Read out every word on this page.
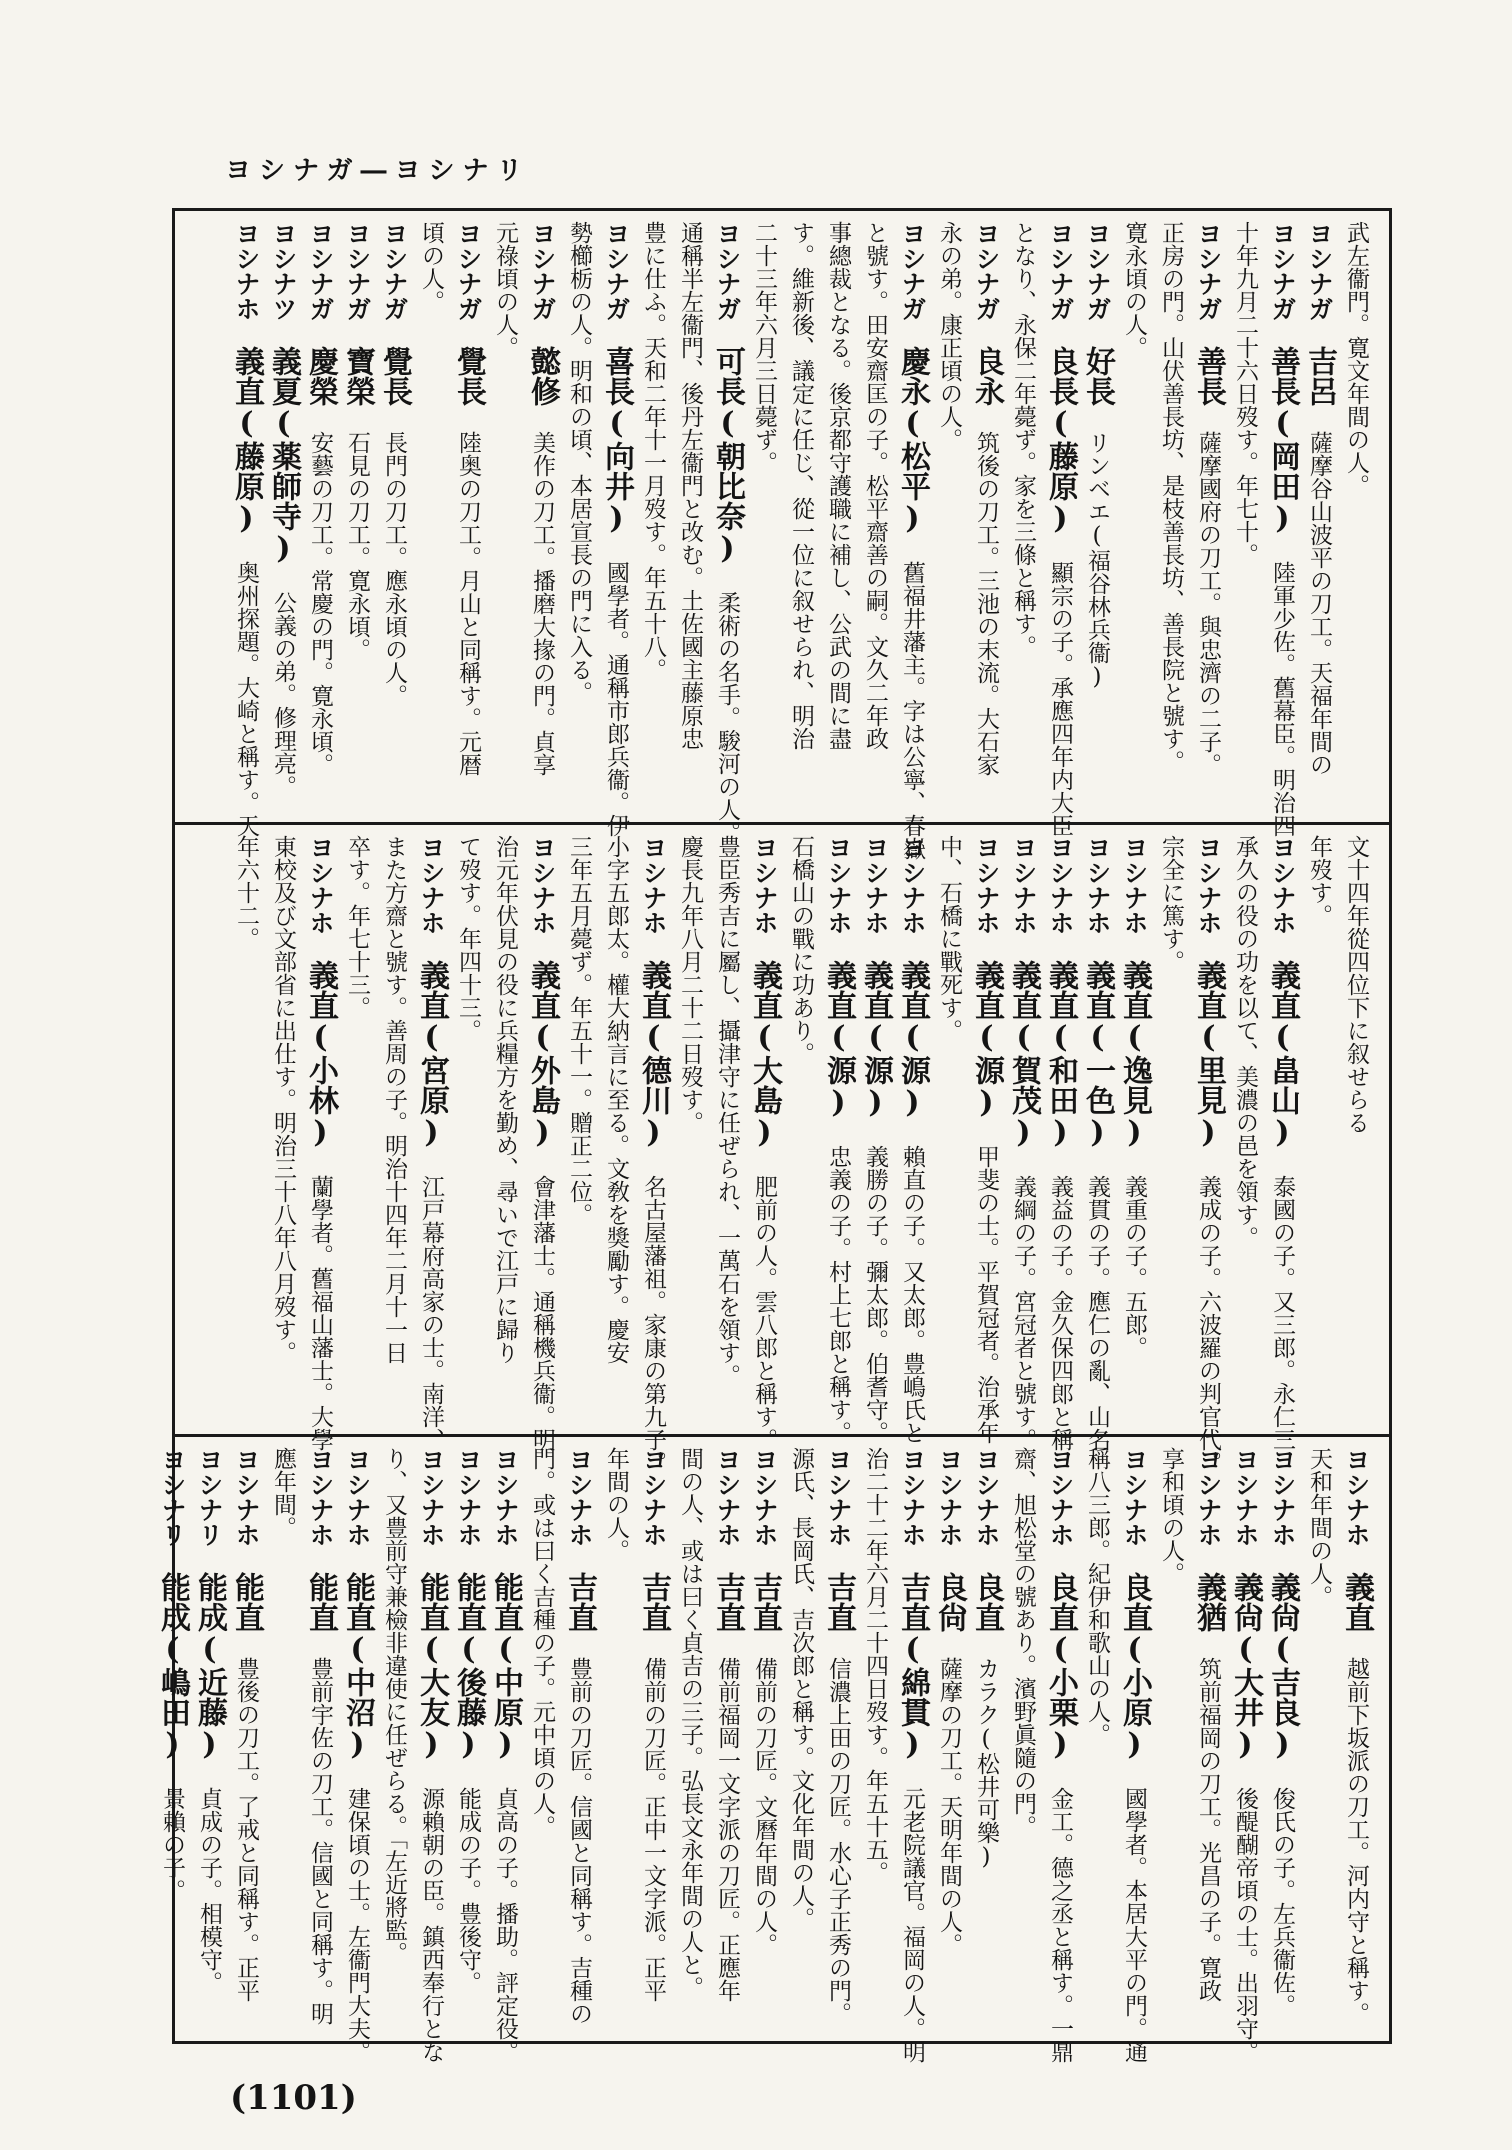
ヨシナガ―ヨシナリ
武左衞門。寛文年間の人。
ヨシナガ　吉呂　薩摩谷山波平の刀工。天福年間の
ヨシナガ　善長(岡田)　陸軍少佐。舊幕臣。明治四
十年九月二十六日歿す。年七十。
ヨシナガ　善長　薩摩國府の刀工。與忠濟の二子。
正房の門。山伏善長坊、是枝善長坊、善長院と號す。
寛永頃の人。
ヨシナガ　好長　リンベエ(福谷林兵衞)
ヨシナガ　良長(藤原)　顯宗の子。承應四年内大臣
となり、永保二年薨ず。家を三條と稱す。
ヨシナガ　良永　筑後の刀工。三池の末流。大石家
永の弟。康正頃の人。
ヨシナガ　慶永(松平)　舊福井藩主。字は公寧、春嶽
と號す。田安齋匡の子。松平齋善の嗣。文久二年政
事總裁となる。後京都守護職に補し、公武の間に盡
す。維新後、議定に任じ、從一位に叙せられ、明治
二十三年六月三日薨ず。
ヨシナガ　可長(朝比奈)　柔術の名手。駿河の人。
通稱半左衞門、後丹左衞門と改む。土佐國主藤原忠
豊に仕ふ。天和二年十一月歿す。年五十八。
ヨシナガ　喜長(向井)　國學者。通稱市郎兵衞。伊
勢櫛栃の人。明和の頃、本居宣長の門に入る。
ヨシナガ　懿修　美作の刀工。播磨大掾の門。貞享
元祿頃の人。
ヨシナガ　覺長　陸奥の刀工。月山と同稱す。元暦
頃の人。
ヨシナガ　覺長　長門の刀工。應永頃の人。
ヨシナガ　寶榮　石見の刀工。寛永頃。
ヨシナガ　慶榮　安藝の刀工。常慶の門。寛永頃。
ヨシナツ　義夏(薬師寺)　公義の弟。修理亮。
ヨシナホ　義直(藤原)　奥州探題。大崎と稱す。天
文十四年從四位下に叙せらる
年歿す。
ヨシナホ　義直(畠山)　泰國の子。又三郎。永仁三
承久の役の功を以て、美濃の邑を領す。
ヨシナホ　義直(里見)　義成の子。六波羅の判官代。
宗全に篤す。
ヨシナホ　義直(逸見)　義重の子。五郎。
ヨシナホ　義直(一色)　義貫の子。應仁の亂、山名
ヨシナホ　義直(和田)　義益の子。金久保四郎と稱
ヨシナホ　義直(賀茂)　義綱の子。宮冠者と號す。
ヨシナホ　義直(源)　甲斐の士。平賀冠者。治承年
中、石橋に戰死す。
ヨシナホ　義直(源)　賴直の子。又太郎。豊嶋氏と
ヨシナホ　義直(源)　義勝の子。彌太郎。伯耆守。
ヨシナホ　義直(源)　忠義の子。村上七郎と稱す。
石橋山の戰に功あり。
ヨシナホ　義直(大島)　肥前の人。雲八郎と稱す。
豊臣秀吉に屬し、攝津守に任ぜられ、一萬石を領す。
慶長九年八月二十二日歿す。
ヨシナホ　義直(德川)　名古屋藩祖。家康の第九子。
小字五郎太。權大納言に至る。文敎を獎勵す。慶安
三年五月薨ず。年五十一。贈正二位。
ヨシナホ　義直(外島)　會津藩士。通稱機兵衞。明
治元年伏見の役に兵糧方を勤め、尋いで江戸に歸り
て歿す。年四十三。
ヨシナホ　義直(宮原)　江戸幕府高家の士。南洋、
また方齋と號す。善周の子。明治十四年二月十一日
卒す。年七十三。
ヨシナホ　義直(小林)　蘭學者。舊福山藩士。大學
東校及び文部省に出仕す。明治三十八年八月歿す。
年六十二。
ヨシナホ　義直　越前下坂派の刀工。河内守と稱す。
天和年間の人。
ヨシナホ　義尙(吉良)　俊氏の子。左兵衞佐。
ヨシナホ　義尙(大井)　後醍醐帝頃の士。出羽守。
ヨシナホ　義猶　筑前福岡の刀工。光昌の子。寛政
享和頃の人。
ヨシナホ　良直(小原)　國學者。本居大平の門。通
稱八三郎。紀伊和歌山の人。
ヨシナホ　良直(小栗)　金工。德之丞と稱す。一鼎
齋、旭松堂の號あり。濱野眞隨の門。
ヨシナホ　良直　カラク(松井可樂)
ヨシナホ　良尙　薩摩の刀工。天明年間の人。
ヨシナホ　吉直(綿貫)　元老院議官。福岡の人。明
治二十二年六月二十四日歿す。年五十五。
ヨシナホ　吉直　信濃上田の刀匠。水心子正秀の門。
源氏、長岡氏、吉次郎と稱す。文化年間の人。
ヨシナホ　吉直　備前の刀匠。文曆年間の人。
ヨシナホ　吉直　備前福岡一文字派の刀匠。正應年
間の人、或は曰く貞吉の三子。弘長文永年間の人と。
ヨシナホ　吉直　備前の刀匠。正中一文字派。正平
年間の人。
ヨシナホ　吉直　豊前の刀匠。信國と同稱す。吉種の
門。或は曰く吉種の子。元中頃の人。
ヨシナホ　能直(中原)　貞高の子。播助。評定役。
ヨシナホ　能直(後藤)　能成の子。豊後守。
ヨシナホ　能直(大友)　源賴朝の臣。鎮西奉行とな
り、又豊前守兼檢非違使に任ぜらる。「左近將監。
ヨシナホ　能直(中沼)　建保頃の士。左衞門大夫。
ヨシナホ　能直　豊前宇佐の刀工。信國と同稱す。明
應年間。
ヨシナホ　能直　豊後の刀工。了戒と同稱す。正平
ヨシナリ　能成(近藤)　貞成の子。相模守。
ヨシナリ　能成(嶋田)　景賴の子。
(1101)
